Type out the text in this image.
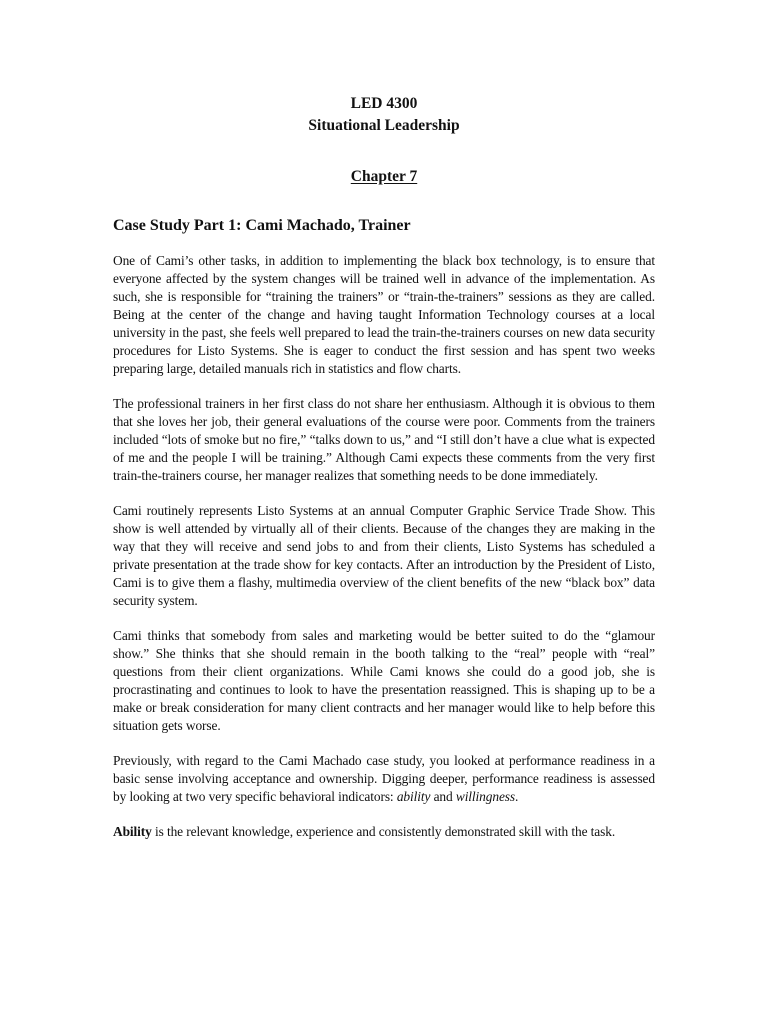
LED 4300
Situational Leadership
Chapter 7
Case Study Part 1: Cami Machado, Trainer

One of Cami’s other tasks, in addition to implementing the black box technology, is to ensure that everyone affected by the system changes will be trained well in advance of the implementation. As such, she is responsible for “training the trainers” or “train-the-trainers” sessions as they are called. Being at the center of the change and having taught Information Technology courses at a local university in the past, she feels well prepared to lead the train-the-trainers courses on new data security procedures for Listo Systems. She is eager to conduct the first session and has spent two weeks preparing large, detailed manuals rich in statistics and flow charts.

The professional trainers in her first class do not share her enthusiasm. Although it is obvious to them that she loves her job, their general evaluations of the course were poor. Comments from the trainers included “lots of smoke but no fire,” “talks down to us,” and “I still don’t have a clue what is expected of me and the people I will be training.” Although Cami expects these comments from the very first train-the-trainers course, her manager realizes that something needs to be done immediately.

Cami routinely represents Listo Systems at an annual Computer Graphic Service Trade Show. This show is well attended by virtually all of their clients. Because of the changes they are making in the way that they will receive and send jobs to and from their clients, Listo Systems has scheduled a private presentation at the trade show for key contacts. After an introduction by the President of Listo, Cami is to give them a flashy, multimedia overview of the client benefits of the new “black box” data security system.

Cami thinks that somebody from sales and marketing would be better suited to do the “glamour show.” She thinks that she should remain in the booth talking to the “real” people with “real” questions from their client organizations. While Cami knows she could do a good job, she is procrastinating and continues to look to have the presentation reassigned. This is shaping up to be a make or break consideration for many client contracts and her manager would like to help before this situation gets worse.

Previously, with regard to the Cami Machado case study, you looked at performance readiness in a basic sense involving acceptance and ownership. Digging deeper, performance readiness is assessed by looking at two very specific behavioral indicators: ability and willingness.

Ability is the relevant knowledge, experience and consistently demonstrated skill with the task.
